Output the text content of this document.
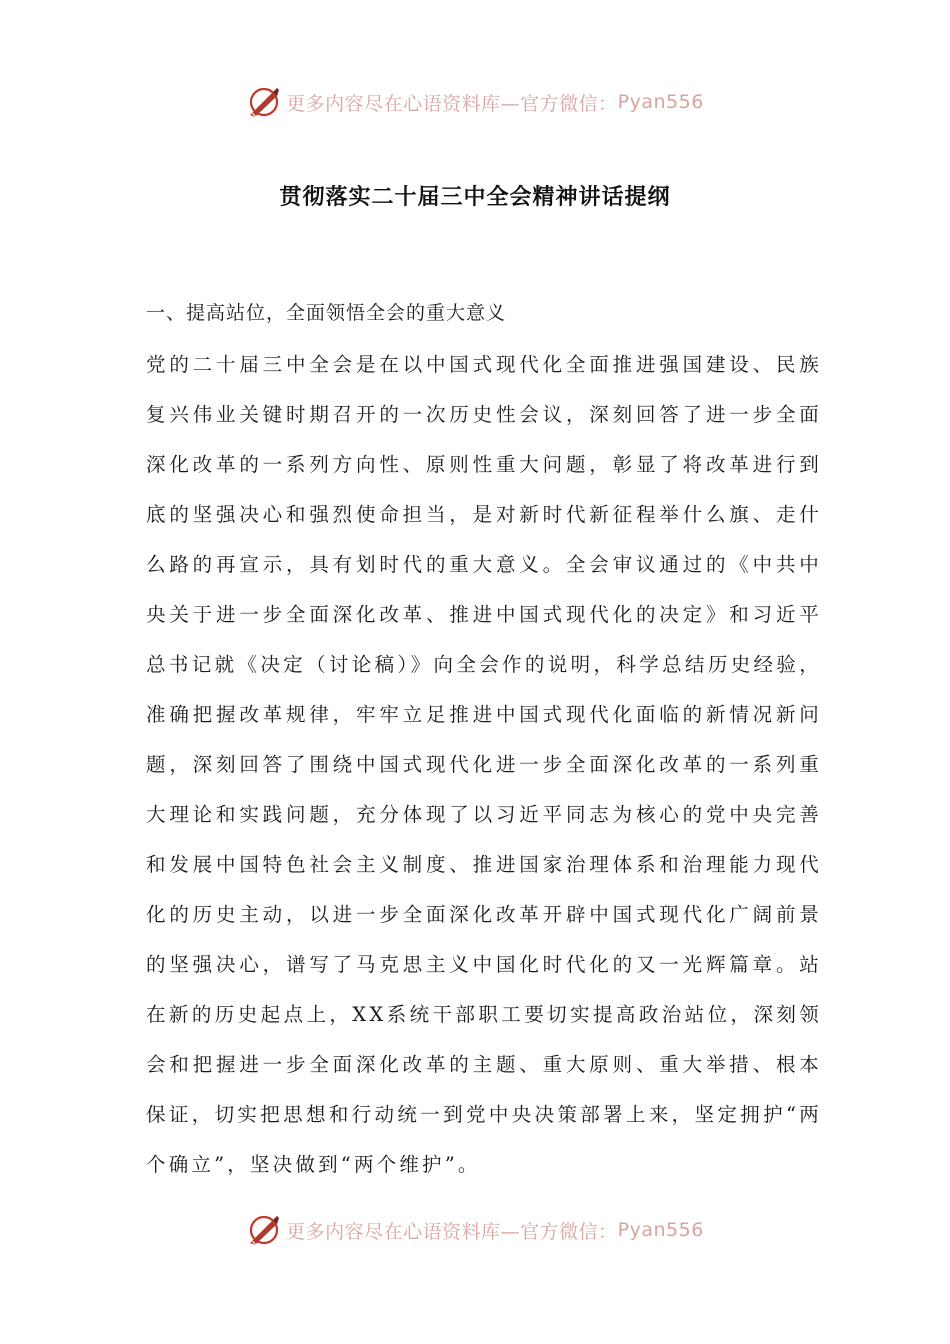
更多内容尽在心语资料库—官方微信： Pyan556
贯彻落实二十届三中全会精神讲话提纲

一、提高站位，全面领悟全会的重大意义

党的二十届三中全会是在以中国式现代化全面推进强国建设、民族复兴伟业关键时期召开的一次历史性会议，深刻回答了进一步全面深化改革的一系列方向性、原则性重大问题，彰显了将改革进行到底的坚强决心和强烈使命担当，是对新时代新征程举什么旗、走什么路的再宣示，具有划时代的重大意义。全会审议通过的《中共中央关于进一步全面深化改革、推进中国式现代化的决定》和习近平总书记就《决定（讨论稿）》向全会作的说明，科学总结历史经验，准确把握改革规律，牢牢立足推进中国式现代化面临的新情况新问题，深刻回答了围绕中国式现代化进一步全面深化改革的一系列重大理论和实践问题，充分体现了以习近平同志为核心的党中央完善和发展中国特色社会主义制度、推进国家治理体系和治理能力现代化的历史主动，以进一步全面深化改革开辟中国式现代化广阔前景的坚强决心，谱写了马克思主义中国化时代化的又一光辉篇章。站在新的历史起点上，XX系统干部职工要切实提高政治站位，深刻领会和把握进一步全面深化改革的主题、重大原则、重大举措、根本保证，切实把思想和行动统一到党中央决策部署上来，坚定拥护“两个确立”，坚决做到“两个维护”。

更多内容尽在心语资料库—官方微信： Pyan556
